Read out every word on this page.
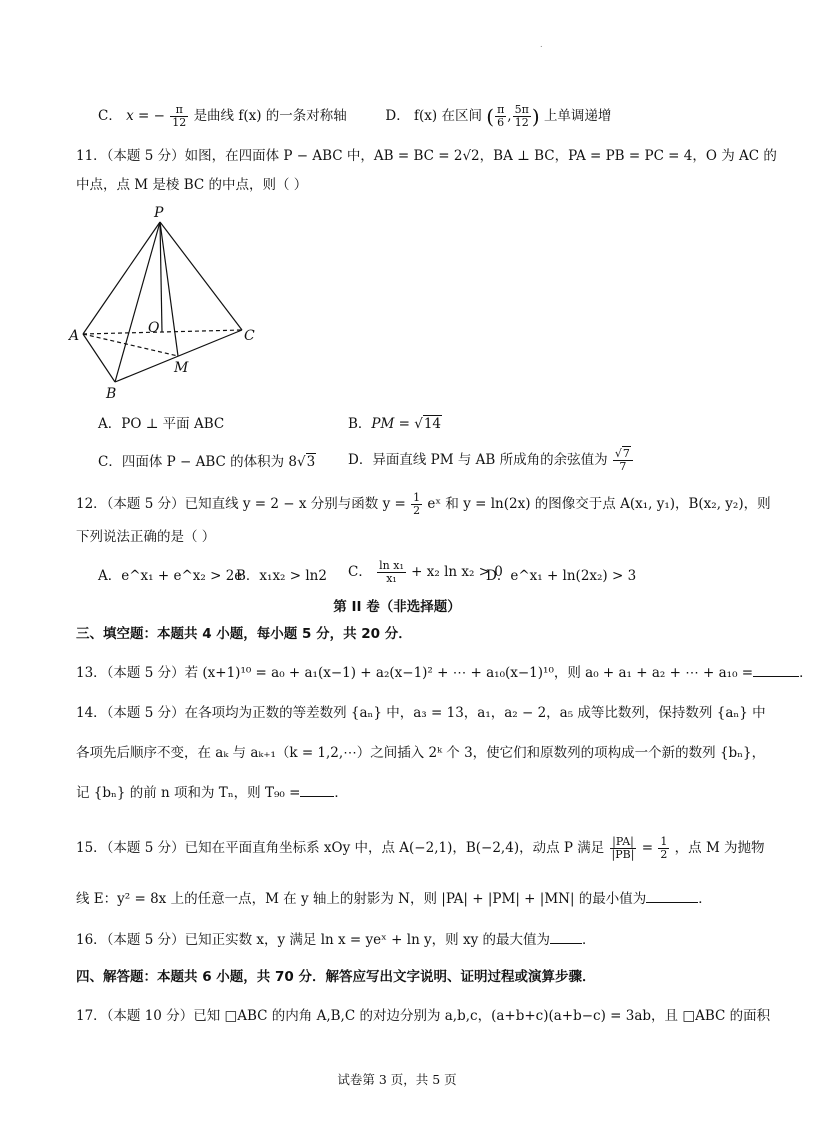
.
C． x = − $\frac{\pi}{12}$ 是曲线 f(x) 的一条对称轴	D． f(x) 在区间 ( $\frac{\pi}{6}$ , $\frac{5\pi}{12}$ ) 上单调递增
11．（本题 5 分）如图，在四面体 P − ABC 中，AB = BC = 2√2，BA ⊥ BC，PA = PB = PC = 4，O 为 AC 的
中点，点 M 是棱 BC 的中点，则（ ）
P
A
B
C
O
M
A．PO ⊥ 平面 ABC	B．PM = √14
C．四面体 P − ABC 的体积为 8√3 D．异面直线 PM 与 AB 所成角的余弦值为 $\frac{√7}{7}$
12．（本题 5 分）已知直线 y = 2 − x 分别与函数 $y = \frac{1}{2}$ eˣ 和 y = ln(2x) 的图像交于点 A(x₁, y₁)，B(x₂, y₂)，则
下列说法正确的是（ ）
A．e^x₁ + e^x₂ > 2e
B．x₁x₂ > ln2 C． $\frac{\text{ln x₁}}{\text{x₁}} + x_2$ ln x₂ > 0
D．e^x₁ + ln(2x₂) > 3
第 II 卷（非选择题）
三、填空题：本题共 4 小题，每小题 5 分，共 20 分．
13．（本题 5 分）若 (x+1)¹⁰ = a₀ + a₁(x−1) + a₂(x−1)² + ⋯ + a₁₀(x−1)¹⁰，则 a₀ + a₁ + a₂ + ⋯ + a₁₀ =	．
14．（本题 5 分）在各项均为正数的等差数列 {aₙ} 中，a₃ = 13，a₁，a₂ − 2，a₅ 成等比数列，保持数列 {aₙ} 中
各项先后顺序不变，在 aₖ 与 aₖ₊₁（k = 1,2,⋯）之间插入 2ᵏ 个 3，使它们和原数列的项构成一个新的数列 {bₙ}，
记 {bₙ} 的前 n 项和为 Tₙ，则 T₉₀ =	．
15．（本题 5 分）已知在平面直角坐标系 xOy 中，点 A(−2,1)，B(−2,4)，动点 P 满足 $\frac{|PA|}{|PB|} = \frac{1}{2}$ ，点 M 为抛物
线 E：y² = 8x 上的任意一点，M 在 y 轴上的射影为 N，则 |PA| + |PM| + |MN| 的最小值为	．
16．（本题 5 分）已知正实数 x，y 满足 ln x = yeˣ + ln y，则 xy 的最大值为 ．
四、解答题：本题共 6 小题，共 70 分．解答应写出文字说明、证明过程或演算步骤．
17．（本题 10 分）已知 □ABC 的内角 A,B,C 的对边分别为 a,b,c，(a+b+c)(a+b−c) = 3ab，且 □ABC 的面积
试卷第 3 页，共 5 页
